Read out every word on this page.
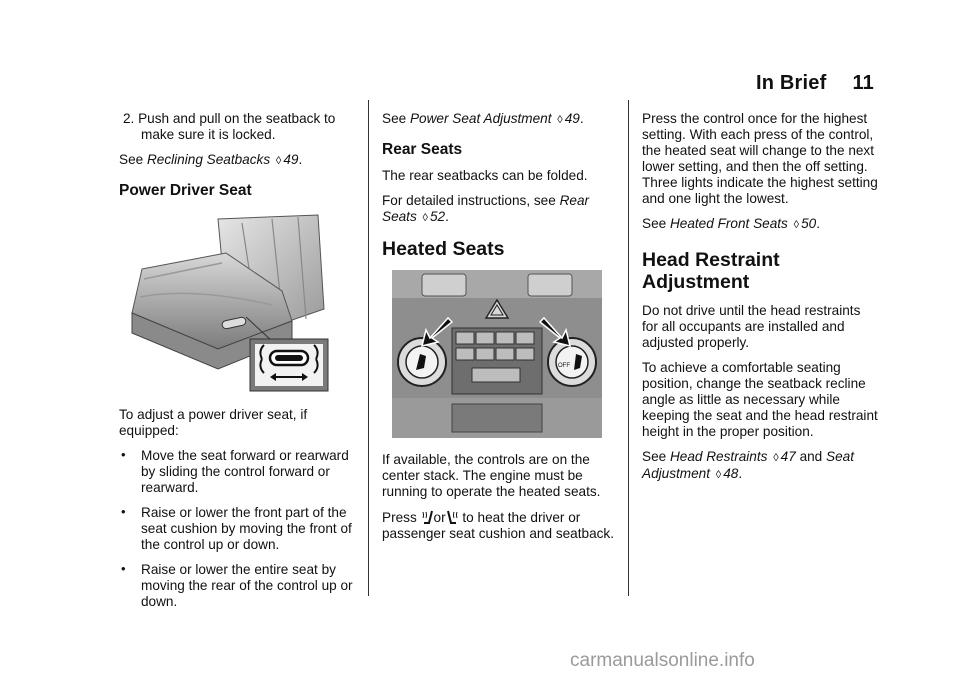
In Brief 11

2. Push and pull on the seatback to make sure it is locked.

See Reclining Seatbacks ◊ 49.

Power Driver Seat

To adjust a power driver seat, if equipped:

• Move the seat forward or rearward by sliding the control forward or rearward.
• Raise or lower the front part of the seat cushion by moving the front of the control up or down.
• Raise or lower the entire seat by moving the rear of the control up or down.

See Power Seat Adjustment ◊ 49.

Rear Seats

The rear seatbacks can be folded.

For detailed instructions, see Rear Seats ◊ 52.

Heated Seats
OFF

If available, the controls are on the center stack. The engine must be running to operate the heated seats.

Press or to heat the driver or passenger seat cushion and seatback.

Press the control once for the highest setting. With each press of the control, the heated seat will change to the next lower setting, and then the off setting. Three lights indicate the highest setting and one light the lowest.

See Heated Front Seats ◊ 50.

Head Restraint
Adjustment

Do not drive until the head restraints for all occupants are installed and adjusted properly.

To achieve a comfortable seating position, change the seatback recline angle as little as necessary while keeping the seat and the head restraint height in the proper position.

See Head Restraints ◊ 47 and Seat Adjustment ◊ 48.

carmanualsonline.info
